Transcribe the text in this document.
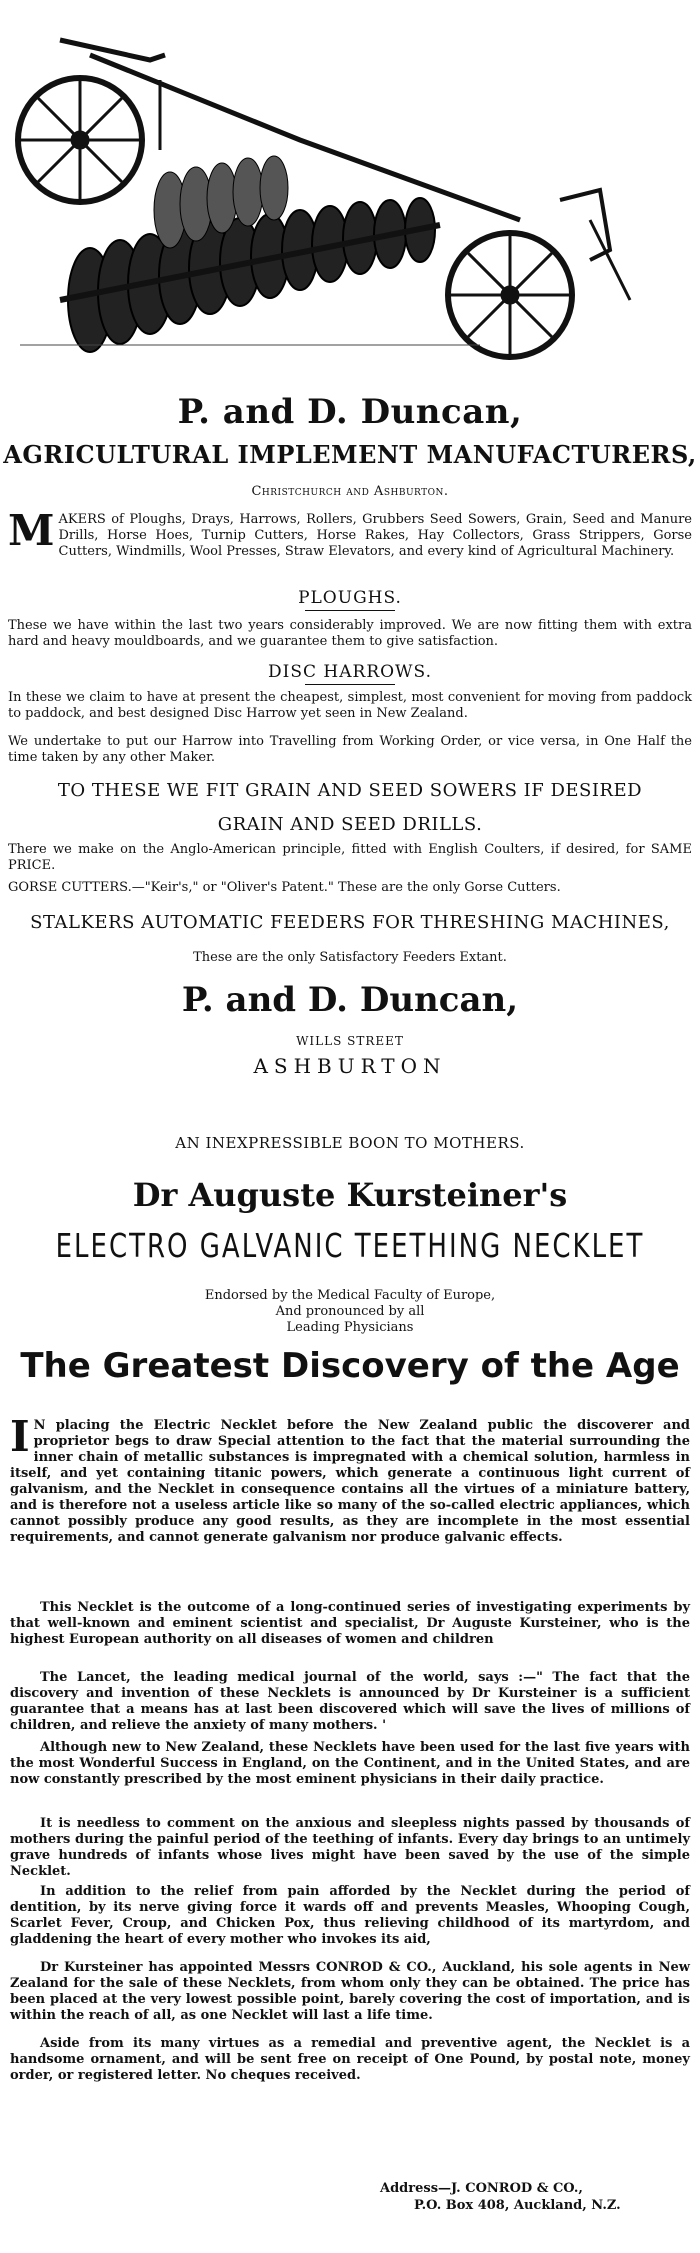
P. and D. Duncan,
AGRICULTURAL IMPLEMENT MANUFACTURERS,
Christchurch and Ashburton.
MAKERS of Ploughs, Drays, Harrows, Rollers, Grubbers Seed Sowers, Grain, Seed and Manure Drills, Horse Hoes, Turnip Cutters, Horse Rakes, Hay Collectors, Grass Strippers, Gorse Cutters, Windmills, Wool Presses, Straw Elevators, and every kind of Agricultural Machinery.
PLOUGHS.
These we have within the last two years considerably improved. We are now fitting them with extra hard and heavy mouldboards, and we guarantee them to give satisfaction.
DISC HARROWS.
In these we claim to have at present the cheapest, simplest, most convenient for moving from paddock to paddock, and best designed Disc Harrow yet seen in New Zealand.
We undertake to put our Harrow into Travelling from Working Order, or vice versa, in One Half the time taken by any other Maker.
TO THESE WE FIT GRAIN AND SEED SOWERS IF DESIRED
GRAIN AND SEED DRILLS.
There we make on the Anglo-American principle, fitted with English Coulters, if desired, for SAME PRICE.
GORSE CUTTERS.—"Keir's," or "Oliver's Patent." These are the only Gorse Cutters.
STALKERS AUTOMATIC FEEDERS FOR THRESHING MACHINES,
These are the only Satisfactory Feeders Extant.
P. and D. Duncan,
WILLS STREET
ASHBURTON
AN INEXPRESSIBLE BOON TO MOTHERS.
Dr Auguste Kursteiner's
ELECTRO GALVANIC TEETHING NECKLET
Endorsed by the Medical Faculty of Europe,
And pronounced by all
Leading Physicians
The Greatest Discovery of the Age
I N placing the Electric Necklet before the New Zealand public the discoverer and proprietor begs to draw Special attention to the fact that the material surrounding the inner chain of metallic substances is impregnated with a chemical solution, harmless in itself, and yet containing titanic powers, which generate a continuous light current of galvanism, and the Necklet in consequence contains all the virtues of a miniature battery, and is therefore not a useless article like so many of the so-called electric appliances, which cannot possibly produce any good results, as they are incomplete in the most essential requirements, and cannot generate galvanism nor produce galvanic effects.
This Necklet is the outcome of a long-continued series of investigating experiments by that well-known and eminent scientist and specialist, Dr Auguste Kursteiner, who is the highest European authority on all diseases of women and children
The Lancet, the leading medical journal of the world, says :—" The fact that the discovery and invention of these Necklets is announced by Dr Kursteiner is a sufficient guarantee that a means has at last been discovered which will save the lives of millions of children, and relieve the anxiety of many mothers. '
Although new to New Zealand, these Necklets have been used for the last five years with the most Wonderful Success in England, on the Continent, and in the United States, and are now constantly prescribed by the most eminent physicians in their daily practice.
It is needless to comment on the anxious and sleepless nights passed by thousands of mothers during the painful period of the teething of infants. Every day brings to an untimely grave hundreds of infants whose lives might have been saved by the use of the simple Necklet.
In addition to the relief from pain afforded by the Necklet during the period of dentition, by its nerve giving force it wards off and prevents Measles, Whooping Cough, Scarlet Fever, Croup, and Chicken Pox, thus relieving childhood of its martyrdom, and gladdening the heart of every mother who invokes its aid,
Dr Kursteiner has appointed Messrs CONROD & CO., Auckland, his sole agents in New Zealand for the sale of these Necklets, from whom only they can be obtained. The price has been placed at the very lowest possible point, barely covering the cost of importation, and is within the reach of all, as one Necklet will last a life time.
Aside from its many virtues as a remedial and preventive agent, the Necklet is a handsome ornament, and will be sent free on receipt of One Pound, by postal note, money order, or registered letter. No cheques received.
Address—J. CONROD & CO.,
P.O. Box 408, Auckland, N.Z.
